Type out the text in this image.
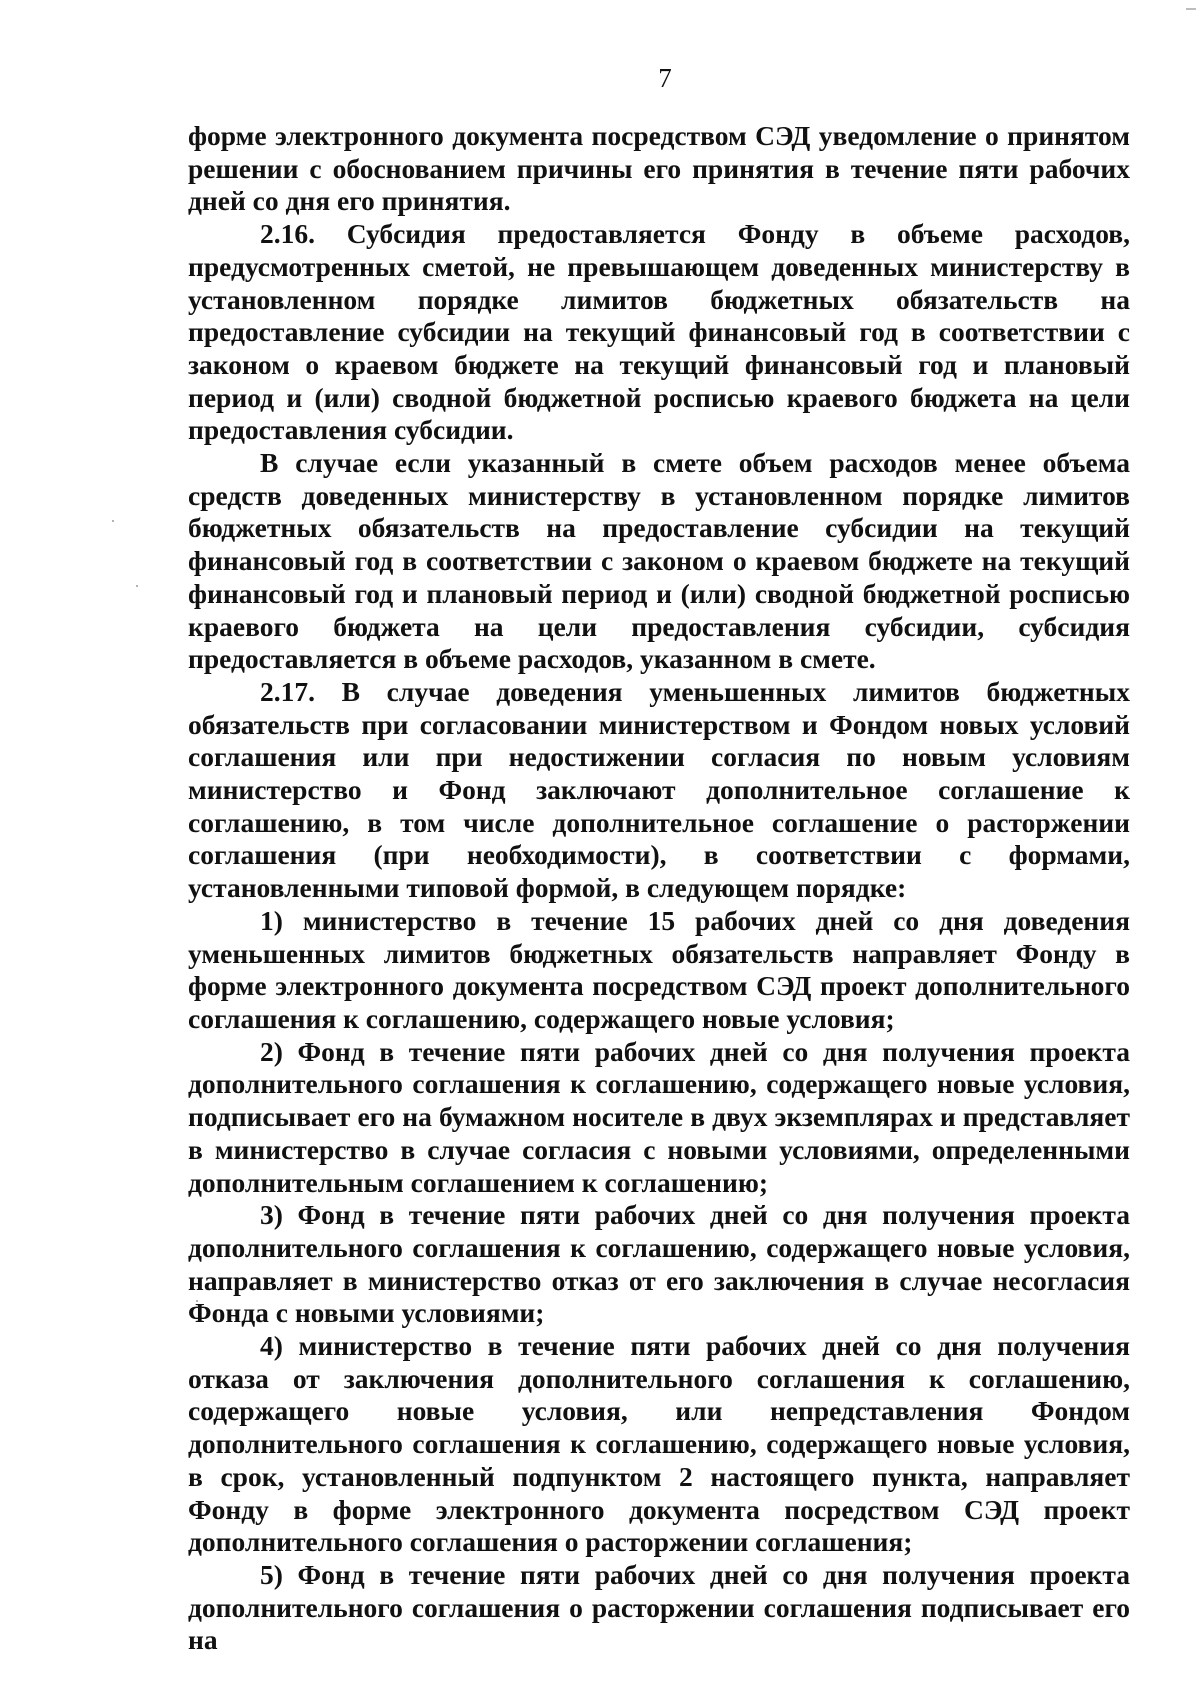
7

форме электронного документа посредством СЭД уведомление о принятом решении с обоснованием причины его принятия в течение пяти рабочих дней со дня его принятия.

2.16. Субсидия предоставляется Фонду в объеме расходов, предусмотренных сметой, не превышающем доведенных министерству в установленном порядке лимитов бюджетных обязательств на предоставление субсидии на текущий финансовый год в соответствии с законом о краевом бюджете на текущий финансовый год и плановый период и (или) сводной бюджетной росписью краевого бюджета на цели предоставления субсидии.

В случае если указанный в смете объем расходов менее объема средств доведенных министерству в установленном порядке лимитов бюджетных обязательств на предоставление субсидии на текущий финансовый год в соответствии с законом о краевом бюджете на текущий финансовый год и плановый период и (или) сводной бюджетной росписью краевого бюджета на цели предоставления субсидии, субсидия предоставляется в объеме расходов, указанном в смете.

2.17. В случае доведения уменьшенных лимитов бюджетных обязательств при согласовании министерством и Фондом новых условий соглашения или при недостижении согласия по новым условиям министерство и Фонд заключают дополнительное соглашение к соглашению, в том числе дополнительное соглашение о расторжении соглашения (при необходимости), в соответствии с формами, установленными типовой формой, в следующем порядке:

1) министерство в течение 15 рабочих дней со дня доведения уменьшенных лимитов бюджетных обязательств направляет Фонду в форме электронного документа посредством СЭД проект дополнительного соглашения к соглашению, содержащего новые условия;

2) Фонд в течение пяти рабочих дней со дня получения проекта дополнительного соглашения к соглашению, содержащего новые условия, подписывает его на бумажном носителе в двух экземплярах и представляет в министерство в случае согласия с новыми условиями, определенными дополнительным соглашением к соглашению;

3) Фонд в течение пяти рабочих дней со дня получения проекта дополнительного соглашения к соглашению, содержащего новые условия, направляет в министерство отказ от его заключения в случае несогласия Фонда с новыми условиями;

4) министерство в течение пяти рабочих дней со дня получения отказа от заключения дополнительного соглашения к соглашению, содержащего новые условия, или непредставления Фондом дополнительного соглашения к соглашению, содержащего новые условия, в срок, установленный подпунктом 2 настоящего пункта, направляет Фонду в форме электронного документа посредством СЭД проект дополнительного соглашения о расторжении соглашения;

5) Фонд в течение пяти рабочих дней со дня получения проекта дополнительного соглашения о расторжении соглашения подписывает его на
